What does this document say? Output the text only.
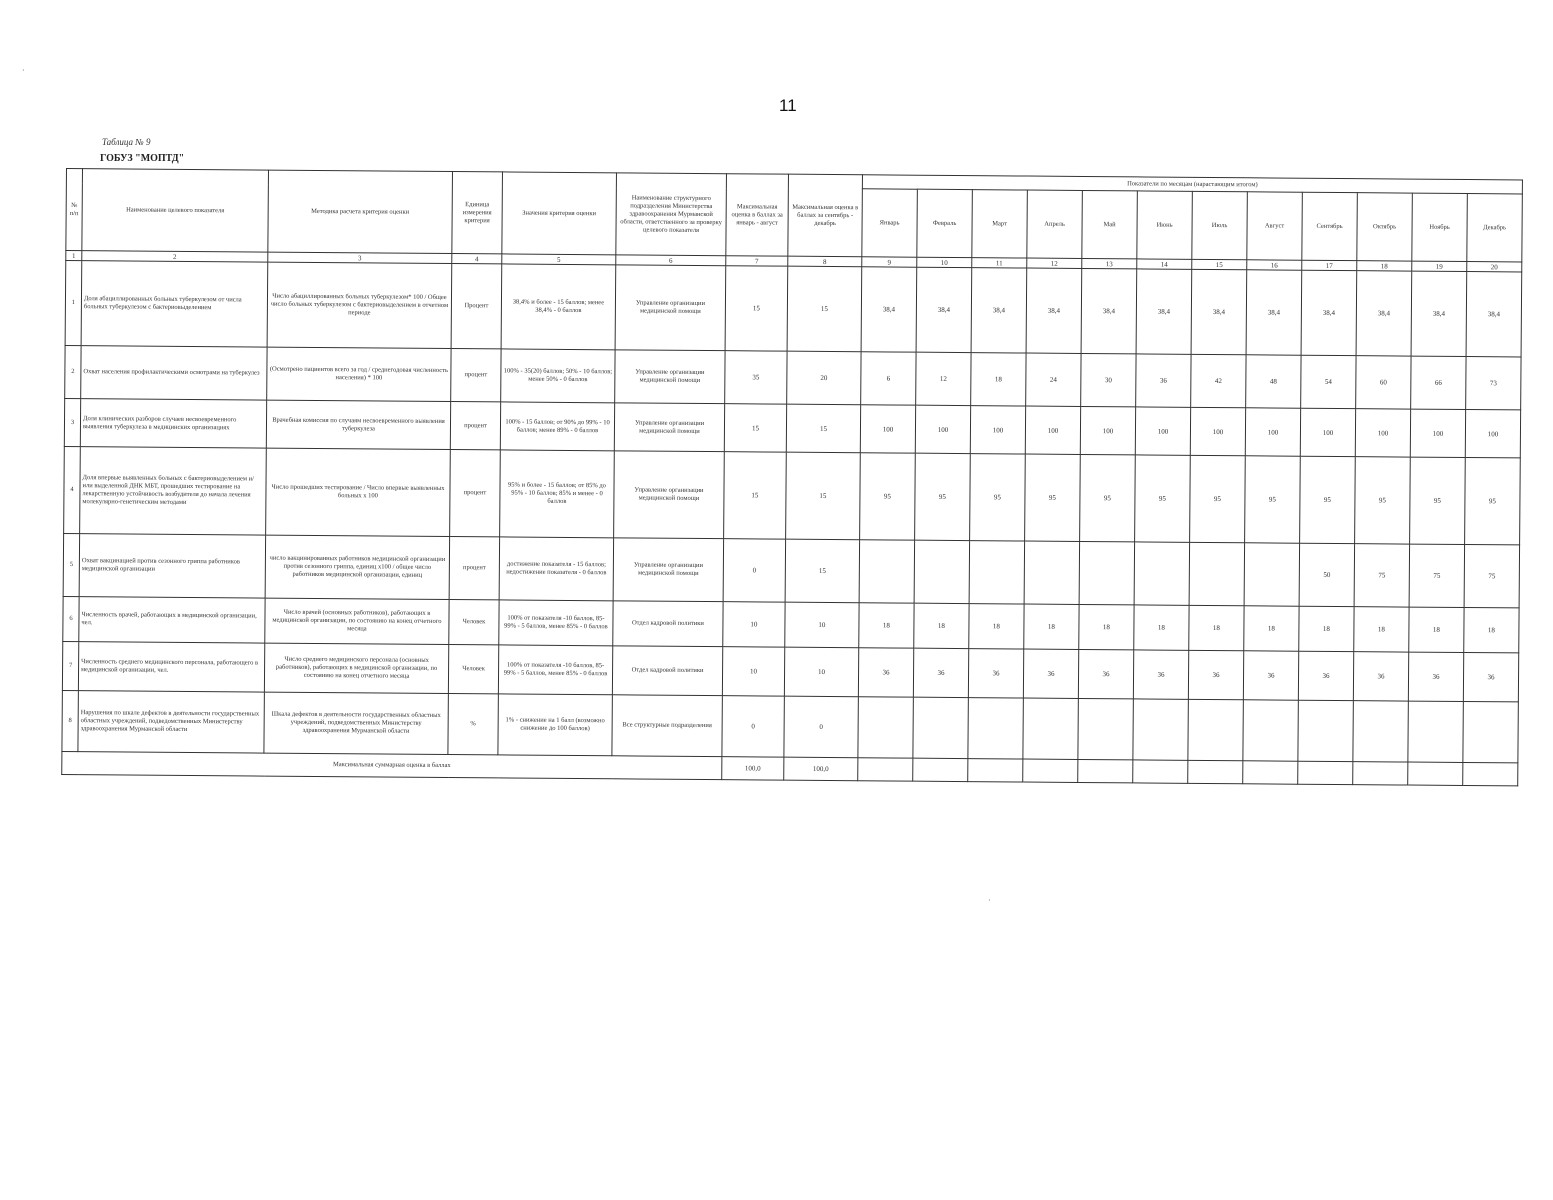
11
Таблица № 9
ГОБУЗ "МОПТД"
·
·
№ п/п	Наименование целевого показателя	Методика расчета критерия оценки	Единица измерения критерия	Значения критерия оценки	Наименование структурного подразделения Министерства здравоохранения Мурманской области, ответственного за проверку целевого показателя	Максимальная оценка в баллах за январь - август	Максимальная оценка в баллах за сентябрь - декабрь	Показатели по месяцам (нарастающим итогом)											
								Январь	Февраль	Март	Апрель	Май	Июнь	Июль	Август	Сентябрь	Октябрь	Ноябрь	Декабрь
1	2	3	4	5	6	7	8	9	10	11	12	13	14	15	16	17	18	19	20
1	Доля абациллированных больных туберкулезом от числа больных туберкулезом с бактериовыделением	Число абациллированных больных туберкулезом* 100 / Общее число больных туберкулезом с бактериовыделением в отчетном периоде	Процент	38,4% и более - 15 баллов; менее 38,4% - 0 баллов	Управление организации медицинской помощи	15	15	38,4	38,4	38,4	38,4	38,4	38,4	38,4	38,4	38,4	38,4	38,4	38,4
2	Охват населения профилактическими осмотрами на туберкулез	(Осмотрено пациентов всего за год / среднегодовая численность населения) * 100	процент	100% - 35(20) баллов; 50% - 10 баллов; менее 50% - 0 баллов	Управление организации медицинской помощи	35	20	6	12	18	24	30	36	42	48	54	60	66	73
3	Доля клинических разборов случаев несвоевременного выявления туберкулеза в медицинских организациях	Врачебная комиссия по случаям несвоевременного выявления туберкулеза	процент	100% - 15 баллов; от 90% до 99% - 10 баллов; менее 89% - 0 баллов	Управление организации медицинской помощи	15	15	100	100	100	100	100	100	100	100	100	100	100	100
4	Доля впервые выявленных больных с бактериовыделением и/или выделенной ДНК МБТ, прошедших тестирование на лекарственную устойчивость возбудителя до начала лечения молекулярно-генетическим методами	Число прошедших тестирование / Число впервые выявленных больных x 100	процент	95% и более - 15 баллов; от 85% до 95% - 10 баллов; 85% и менее - 0 баллов	Управление организации медицинской помощи	15	15	95	95	95	95	95	95	95	95	95	95	95	95
5	Охват вакцинацией против сезонного гриппа работников медицинской организации	число вакцинированных работников медицинской организации против сезонного гриппа, единиц x100 / общее число работников медицинской организации, единиц	процент	достижение показателя - 15 баллов; недостижение показателя - 0 баллов	Управление организации медицинской помощи	0	15									50	75	75	75
6	Численность врачей, работающих в медицинской организации, чел.	Число врачей (основных работников), работающих в медицинской организации, по состоянию на конец отчетного месяца	Человек	100% от показателя -10 баллов, 85-99% - 5 баллов, менее 85% - 0 баллов	Отдел кадровой политики	10	10	18	18	18	18	18	18	18	18	18	18	18	18
7	Численность среднего медицинского персонала, работающего в медицинской организации, чел.	Число среднего медицинского персонала (основных работников), работающих в медицинской организации, по состоянию на конец отчетного месяца	Человек	100% от показателя -10 баллов, 85-99% - 5 баллов, менее 85% - 0 баллов	Отдел кадровой политики	10	10	36	36	36	36	36	36	36	36	36	36	36	36
8	Нарушения по шкале дефектов в деятельности государственных областных учреждений, подведомственных Министерству здравоохранения Мурманской области	Шкала дефектов в деятельности государственных областных учреждений, подведомственных Министерству здравоохранения Мурманской области	%	1% - снижение на 1 балл (возможно снижение до 100 баллов)	Все структурные подразделения	0	0												
Максимальная суммарная оценка в баллах						100,0	100,0												
